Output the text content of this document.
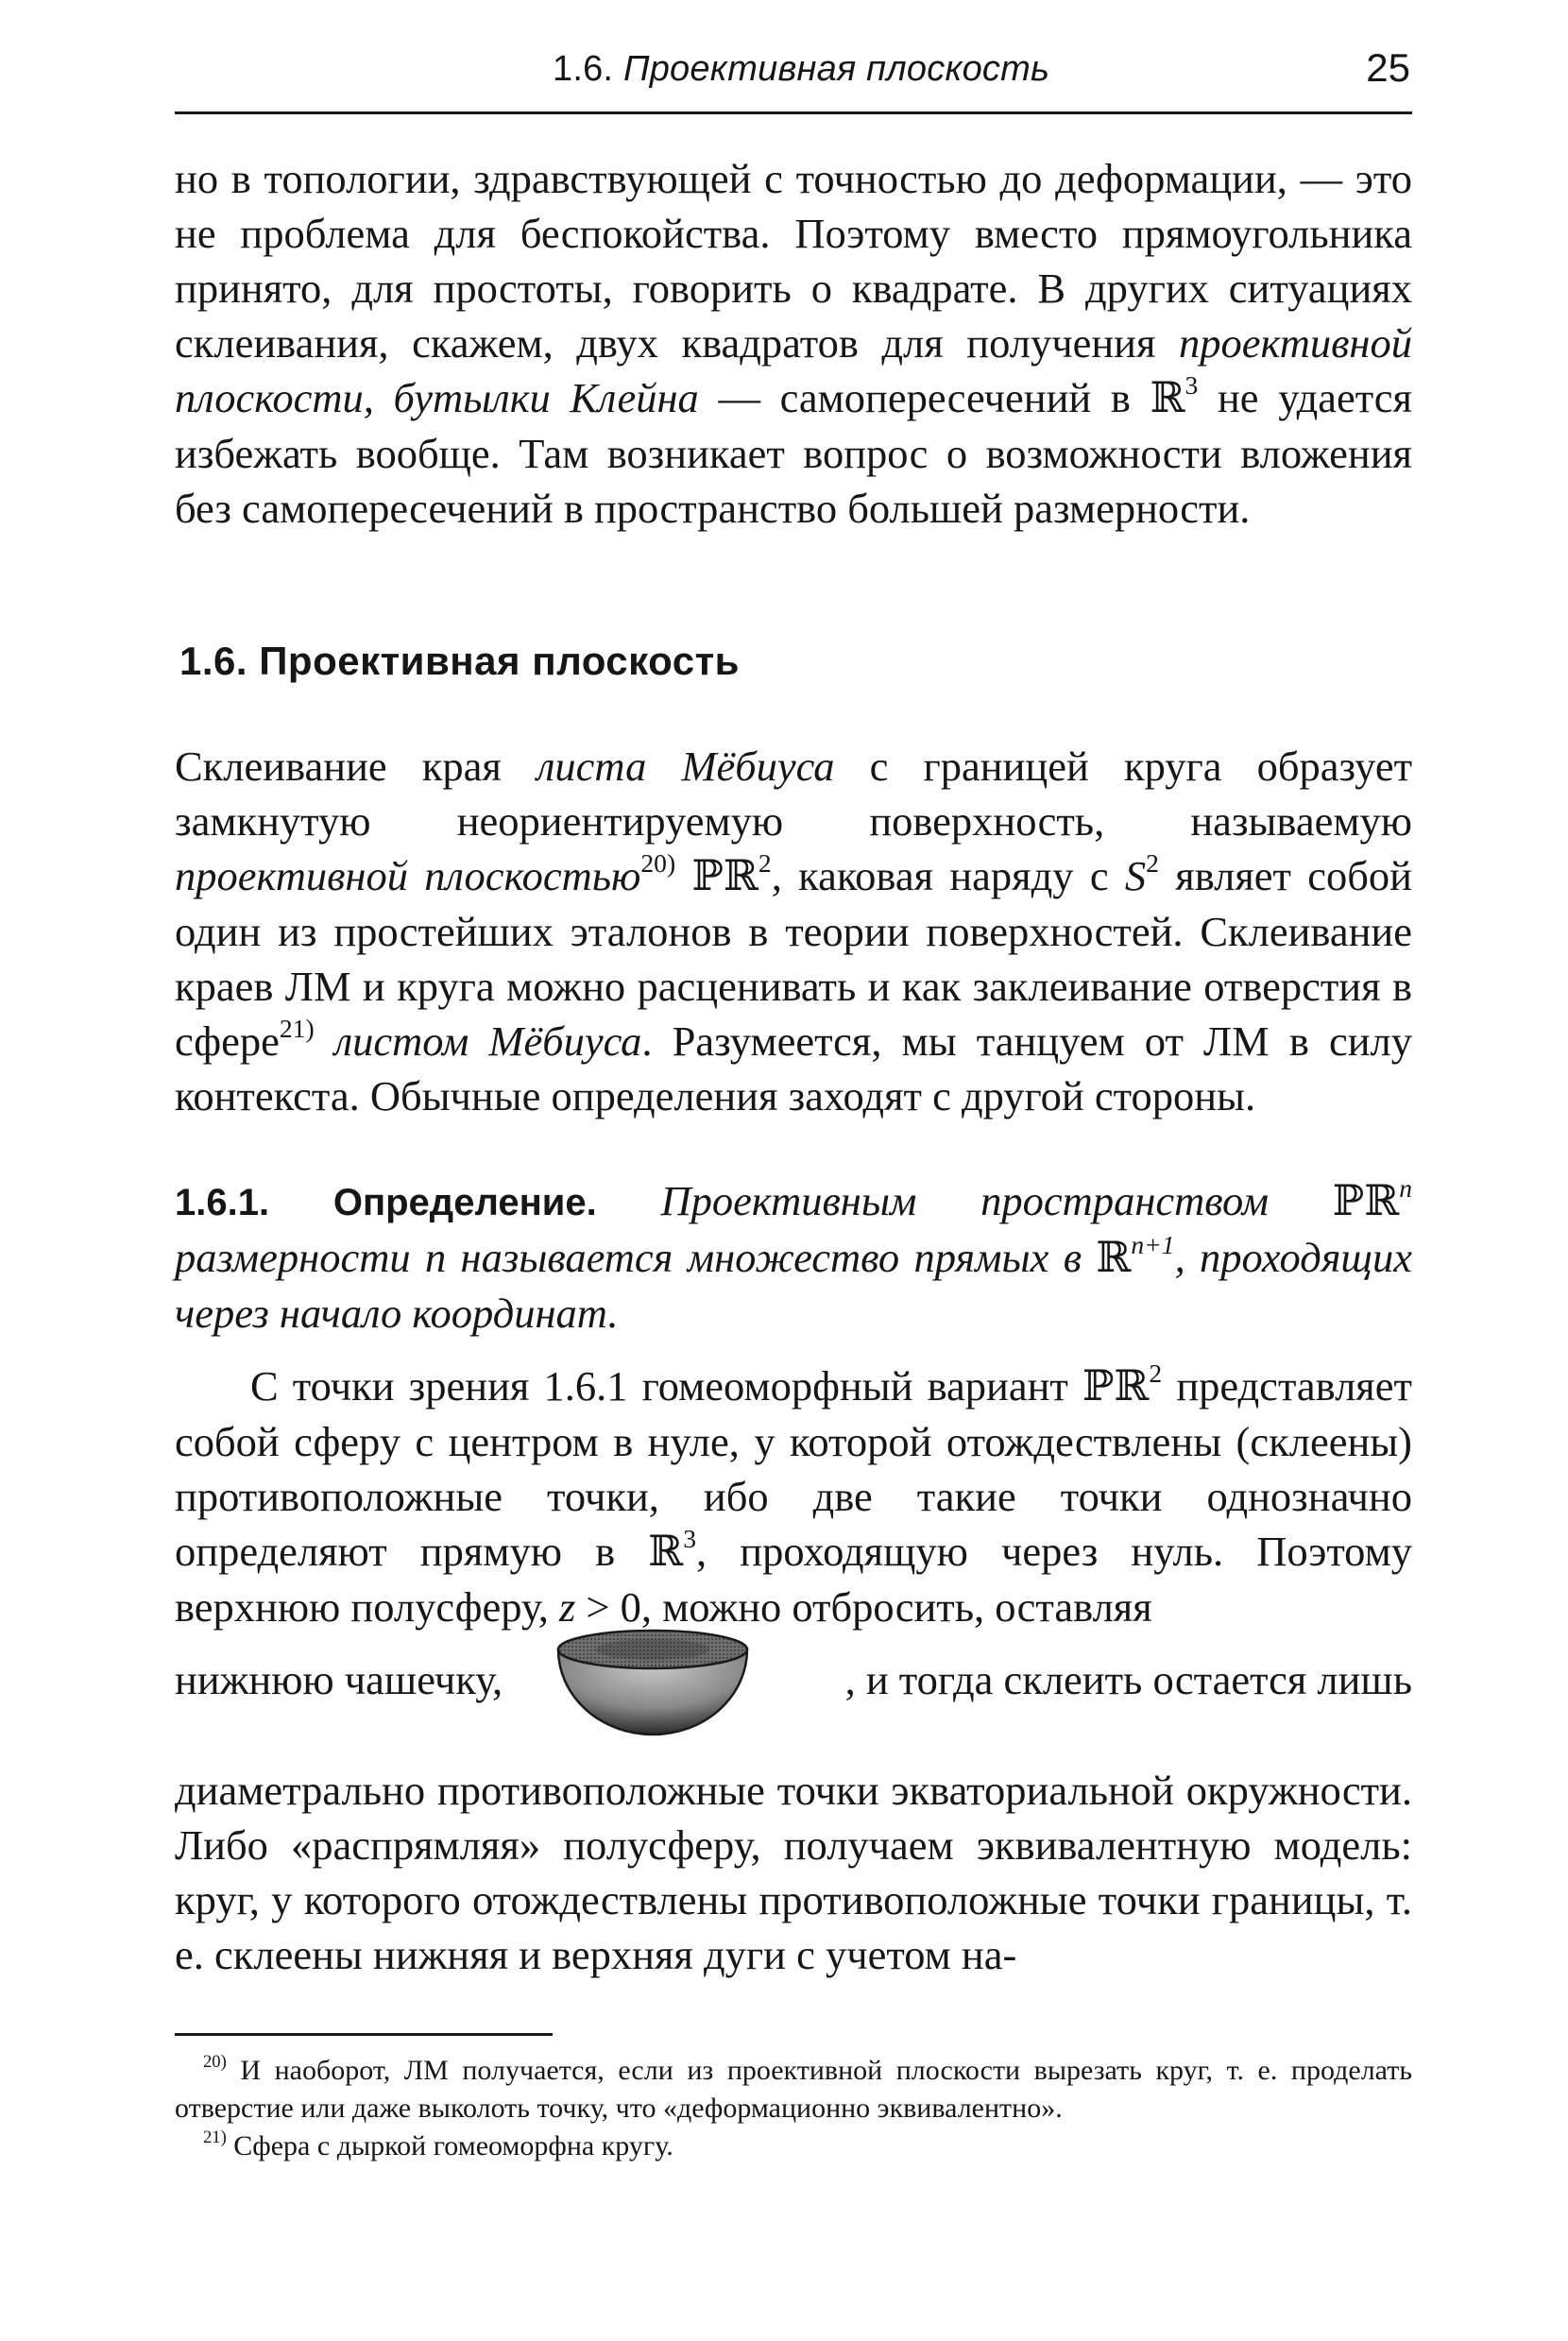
1.6. Проективная плоскость	25

но в топологии, здравствующей с точностью до деформации, — это не проблема для беспокойства. Поэтому вместо прямоугольника принято, для простоты, говорить о квадрате. В других ситуациях склеивания, скажем, двух квадратов для получения проективной плоскости, бутылки Клейна — самопересечений в ℝ$^3$ не удается избежать вообще. Там возникает вопрос о возможности вложения без самопересечений в пространство большей размерности.

1.6. Проективная плоскость

Склеивание края листа Мёбиуса с границей круга образует замкнутую неориентируемую поверхность, называемую проективной плоскостью$^{20)}$ ℙℝ$^2$, каковая наряду с $S^2$ являет собой один из простейших эталонов в теории поверхностей. Склеивание краев ЛМ и круга можно расценивать и как заклеивание отверстия в сфере$^{21)}$ листом Мёбиуса. Разумеется, мы танцуем от ЛМ в силу контекста. Обычные определения заходят с другой стороны.

1.6.1. Определение. Проективным пространством ℙℝ$^n$ размерности n называется множество прямых в ℝ$^{n+1}$, проходящих через начало координат.

С точки зрения 1.6.1 гомеоморфный вариант ℙℝ$^2$ представляет собой сферу с центром в нуле, у которой отождествлены (склеены) противоположные точки, ибо две такие точки однозначно определяют прямую в ℝ$^3$, проходящую через нуль. Поэтому верхнюю полусферу, z > 0, можно отбросить, оставляя

нижнюю чашечку,	, и тогда склеить остается лишь

диаметрально противоположные точки экваториальной окружности. Либо «распрямляя» полусферу, получаем эквивалентную модель: круг, у которого отождествлены противоположные точки границы, т. е. склеены нижняя и верхняя дуги с учетом на-

$^{20)}$ И наоборот, ЛМ получается, если из проективной плоскости вырезать круг, т. е. проделать отверстие или даже выколоть точку, что «деформационно эквивалентно».

$^{21)}$ Сфера с дыркой гомеоморфна кругу.
